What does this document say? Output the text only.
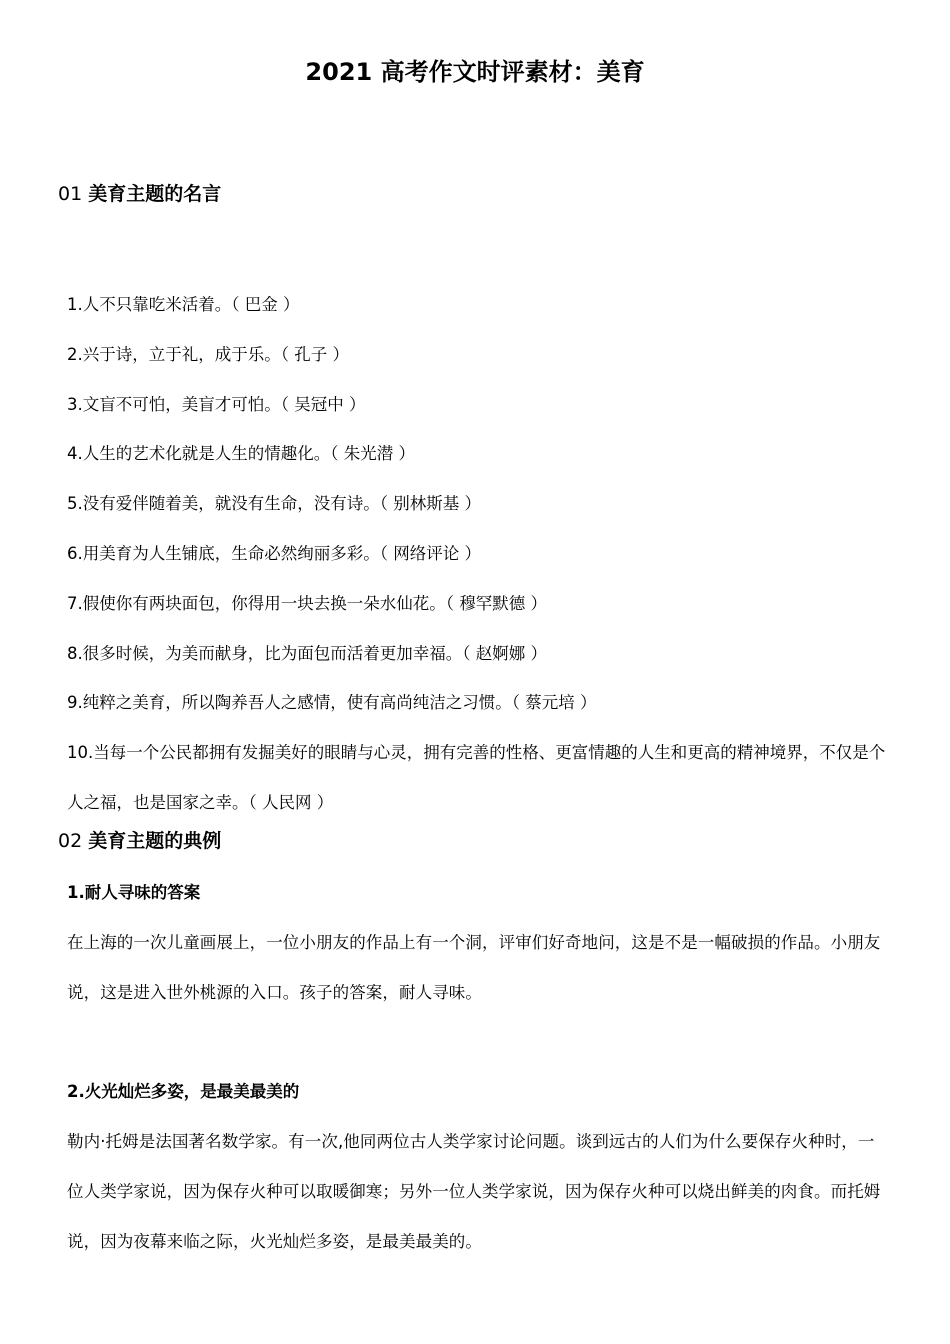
2021 高考作文时评素材：美育
01 美育主题的名言
1.人不只靠吃米活着。（ 巴金 ）
2.兴于诗，立于礼，成于乐。（ 孔子 ）
3.文盲不可怕，美盲才可怕。（ 吴冠中 ）
4.人生的艺术化就是人生的情趣化。（ 朱光潜 ）
5.没有爱伴随着美，就没有生命，没有诗。（ 别林斯基 ）
6.用美育为人生铺底，生命必然绚丽多彩。（ 网络评论 ）
7.假使你有两块面包，你得用一块去换一朵水仙花。（ 穆罕默德 ）
8.很多时候，为美而献身，比为面包而活着更加幸福。（ 赵婀娜 ）
9.纯粹之美育，所以陶养吾人之感情，使有高尚纯洁之习惯。（ 蔡元培 ）
10.当每一个公民都拥有发掘美好的眼睛与心灵，拥有完善的性格、更富情趣的人生和更高的精神境界，不仅是个人之福，也是国家之幸。（ 人民网 ）
02 美育主题的典例
1.耐人寻味的答案

在上海的一次儿童画展上，一位小朋友的作品上有一个洞，评审们好奇地问，这是不是一幅破损的作品。小朋友说，这是进入世外桃源的入口。孩子的答案，耐人寻味。

2.火光灿烂多姿，是最美最美的

勒内·托姆是法国著名数学家。有一次,他同两位古人类学家讨论问题。谈到远古的人们为什么要保存火种时，一位人类学家说，因为保存火种可以取暖御寒；另外一位人类学家说，因为保存火种可以烧出鲜美的肉食。而托姆说，因为夜幕来临之际，火光灿烂多姿，是最美最美的。
